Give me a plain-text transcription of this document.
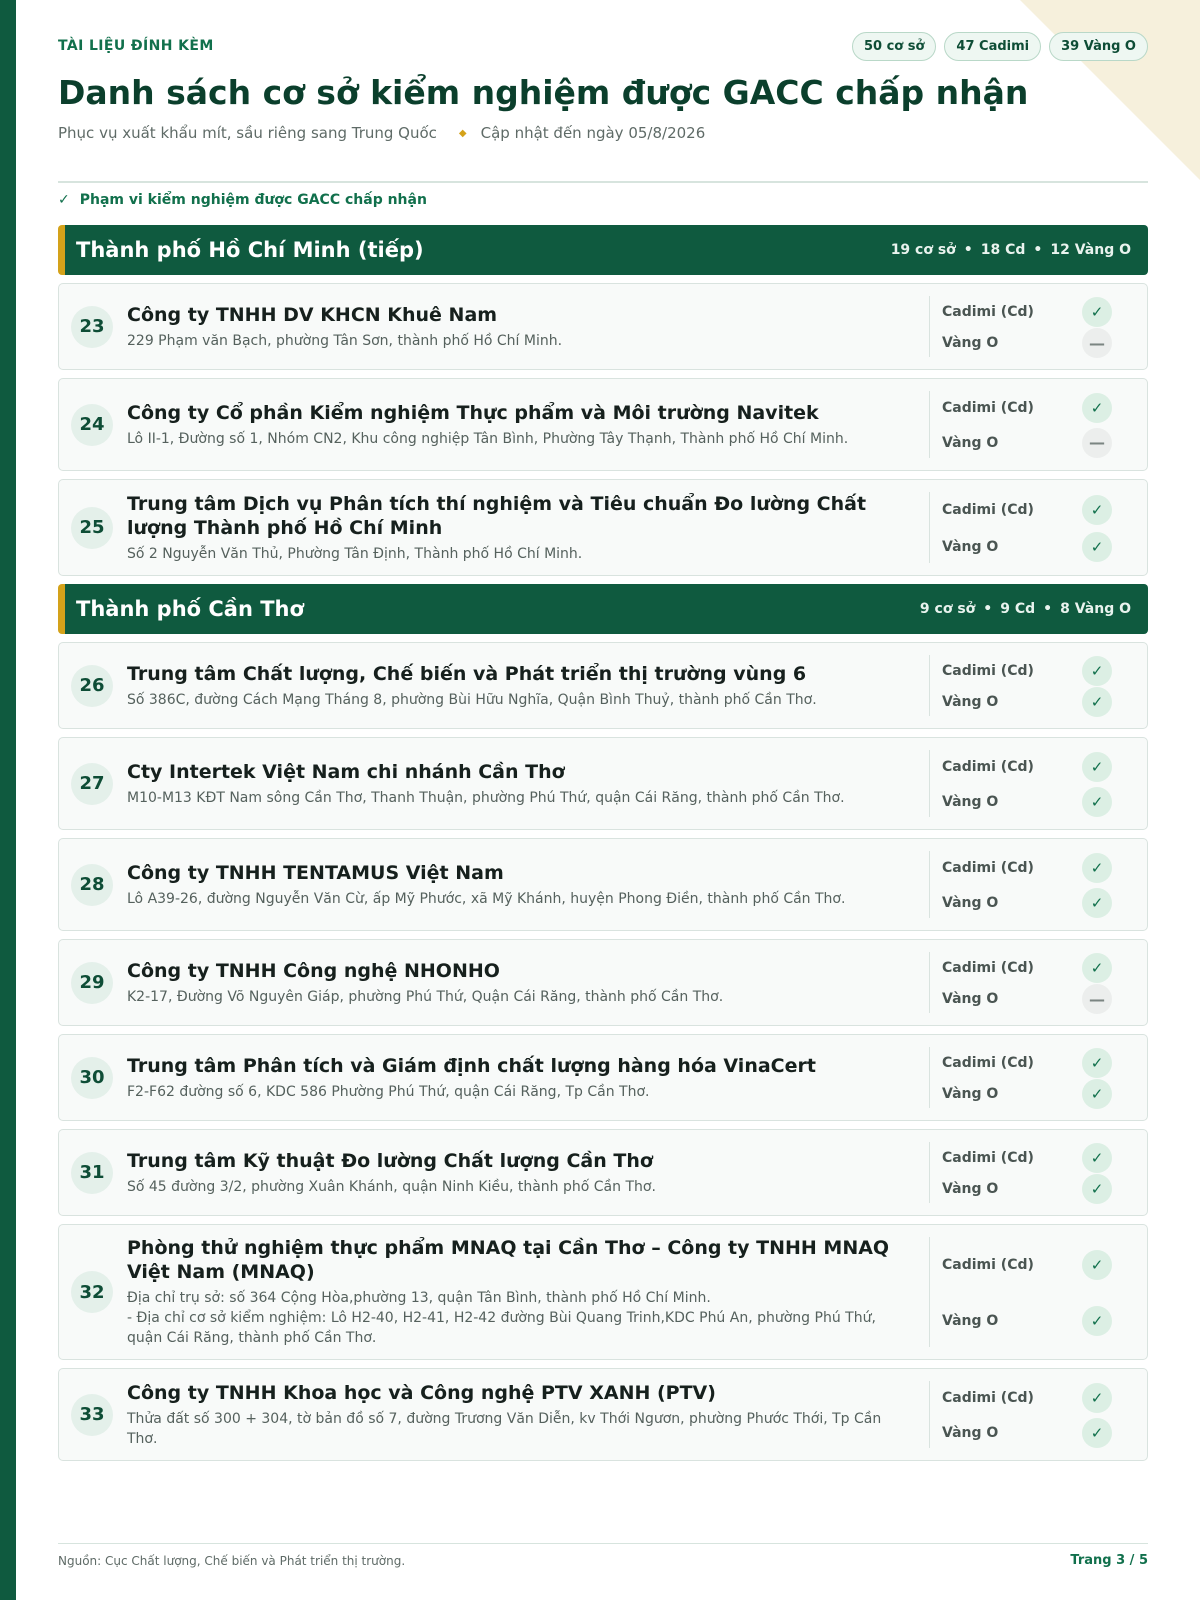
TÀI LIỆU ĐÍNH KÈM	50 cơ sở	47 Cadimi	39 Vàng O
Danh sách cơ sở kiểm nghiệm được GACC chấp nhận
Phục vụ xuất khẩu mít, sầu riêng sang Trung Quốc ◆ Cập nhật đến ngày 05/8/2026
✓ Phạm vi kiểm nghiệm được GACC chấp nhận
Thành phố Hồ Chí Minh (tiếp)	19 cơ sở • 18 Cd • 12 Vàng O
23
Công ty TNHH DV KHCN Khuê Nam
229 Phạm văn Bạch, phường Tân Sơn, thành phố Hồ Chí Minh.
Cadimi (Cd)	✓
Vàng O	—
24
Công ty Cổ phần Kiểm nghiệm Thực phẩm và Môi trường Navitek
Lô II-1, Đường số 1, Nhóm CN2, Khu công nghiệp Tân Bình, Phường Tây Thạnh, Thành phố Hồ Chí Minh.
Cadimi (Cd)	✓
Vàng O	—
25
Trung tâm Dịch vụ Phân tích thí nghiệm và Tiêu chuẩn Đo lường Chất lượng Thành phố Hồ Chí Minh
Số 2 Nguyễn Văn Thủ, Phường Tân Định, Thành phố Hồ Chí Minh.
Cadimi (Cd)	✓
Vàng O	✓
Thành phố Cần Thơ	9 cơ sở • 9 Cd • 8 Vàng O
26
Trung tâm Chất lượng, Chế biến và Phát triển thị trường vùng 6
Số 386C, đường Cách Mạng Tháng 8, phường Bùi Hữu Nghĩa, Quận Bình Thuỷ, thành phố Cần Thơ.
Cadimi (Cd)	✓
Vàng O	✓
27
Cty Intertek Việt Nam chi nhánh Cần Thơ
M10-M13 KĐT Nam sông Cần Thơ, Thanh Thuận, phường Phú Thứ, quận Cái Răng, thành phố Cần Thơ.
Cadimi (Cd)	✓
Vàng O	✓
28
Công ty TNHH TENTAMUS Việt Nam
Lô A39-26, đường Nguyễn Văn Cừ, ấp Mỹ Phước, xã Mỹ Khánh, huyện Phong Điền, thành phố Cần Thơ.
Cadimi (Cd)	✓
Vàng O	✓
29
Công ty TNHH Công nghệ NHONHO
K2-17, Đường Võ Nguyên Giáp, phường Phú Thứ, Quận Cái Răng, thành phố Cần Thơ.
Cadimi (Cd)	✓
Vàng O	—
30
Trung tâm Phân tích và Giám định chất lượng hàng hóa VinaCert
F2-F62 đường số 6, KDC 586 Phường Phú Thứ, quận Cái Răng, Tp Cần Thơ.
Cadimi (Cd)	✓
Vàng O	✓
31
Trung tâm Kỹ thuật Đo lường Chất lượng Cần Thơ
Số 45 đường 3/2, phường Xuân Khánh, quận Ninh Kiều, thành phố Cần Thơ.
Cadimi (Cd)	✓
Vàng O	✓
32
Phòng thử nghiệm thực phẩm MNAQ tại Cần Thơ – Công ty TNHH MNAQ Việt Nam (MNAQ)
Địa chỉ trụ sở: số 364 Cộng Hòa,phường 13, quận Tân Bình, thành phố Hồ Chí Minh.
- Địa chỉ cơ sở kiểm nghiệm: Lô H2-40, H2-41, H2-42 đường Bùi Quang Trinh,KDC Phú An, phường Phú Thứ, quận Cái Răng, thành phố Cần Thơ.
Cadimi (Cd)	✓
Vàng O	✓
33
Công ty TNHH Khoa học và Công nghệ PTV XANH (PTV)
Thửa đất số 300 + 304, tờ bản đồ số 7, đường Trương Văn Diễn, kv Thới Ngươn, phường Phước Thới, Tp Cần Thơ.
Cadimi (Cd)	✓
Vàng O	✓
Nguồn: Cục Chất lượng, Chế biến và Phát triển thị trường.	Trang 3 / 5
